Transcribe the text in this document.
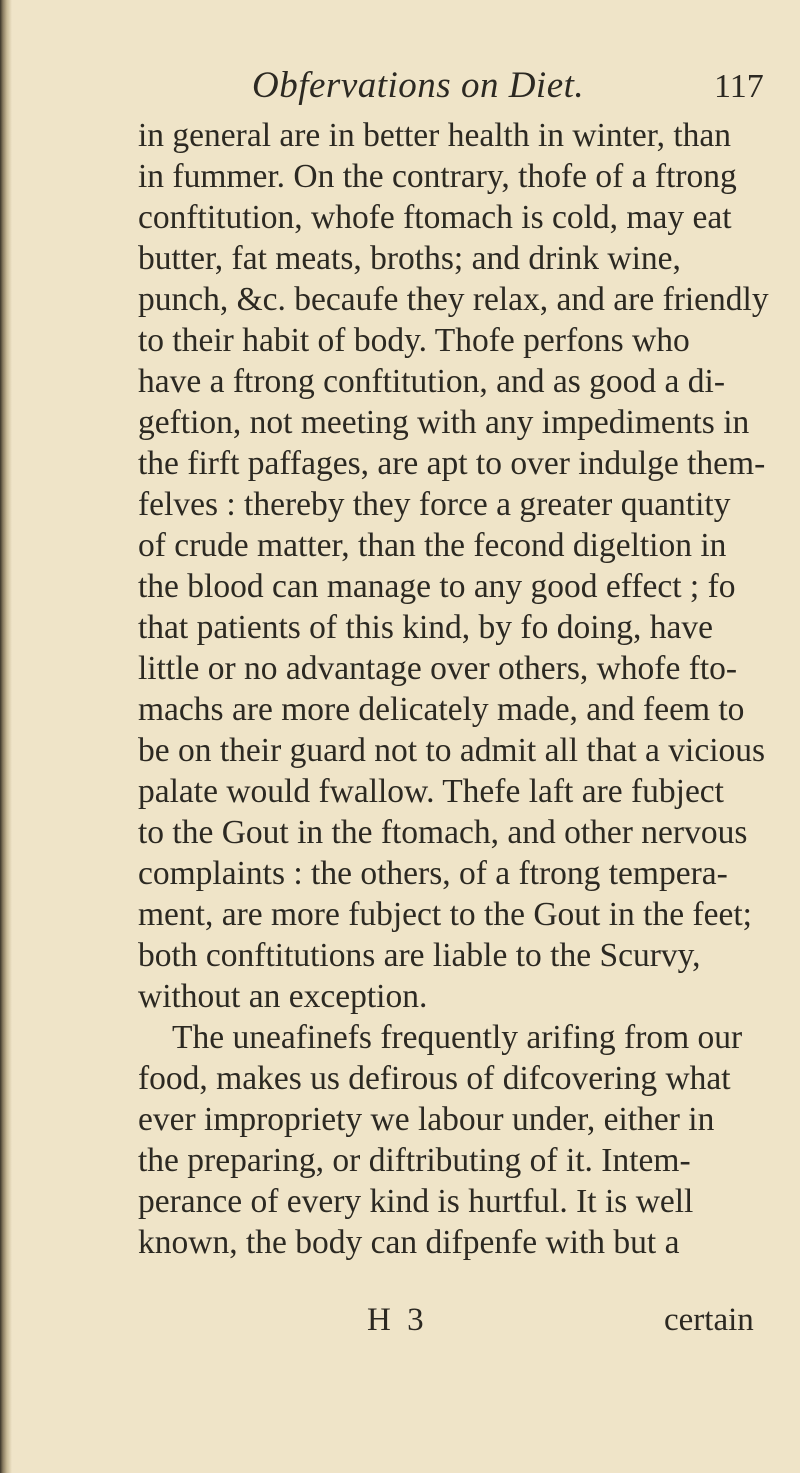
Obfervations on Diet.	117
in general are in better health in winter, than
in fummer. On the contrary, thofe of a ftrong
conftitution, whofe ftomach is cold, may eat
butter, fat meats, broths; and drink wine,
punch, &c. becaufe they relax, and are friendly
to their habit of body. Thofe perfons who
have a ftrong conftitution, and as good a di-
geftion, not meeting with any impediments in
the firft paffages, are apt to over indulge them-
felves : thereby they force a greater quantity
of crude matter, than the fecond digeltion in
the blood can manage to any good effect ; fo
that patients of this kind, by fo doing, have
little or no advantage over others, whofe fto-
machs are more delicately made, and feem to
be on their guard not to admit all that a vicious
palate would fwallow. Thefe laft are fubject
to the Gout in the ftomach, and other nervous
complaints : the others, of a ftrong tempera-
ment, are more fubject to the Gout in the feet;
both conftitutions are liable to the Scurvy,
without an exception.
The uneafinefs frequently arifing from our
food, makes us defirous of difcovering what
ever impropriety we labour under, either in
the preparing, or diftributing of it. Intem-
perance of every kind is hurtful. It is well
known, the body can difpenfe with but a
H 3	certain
